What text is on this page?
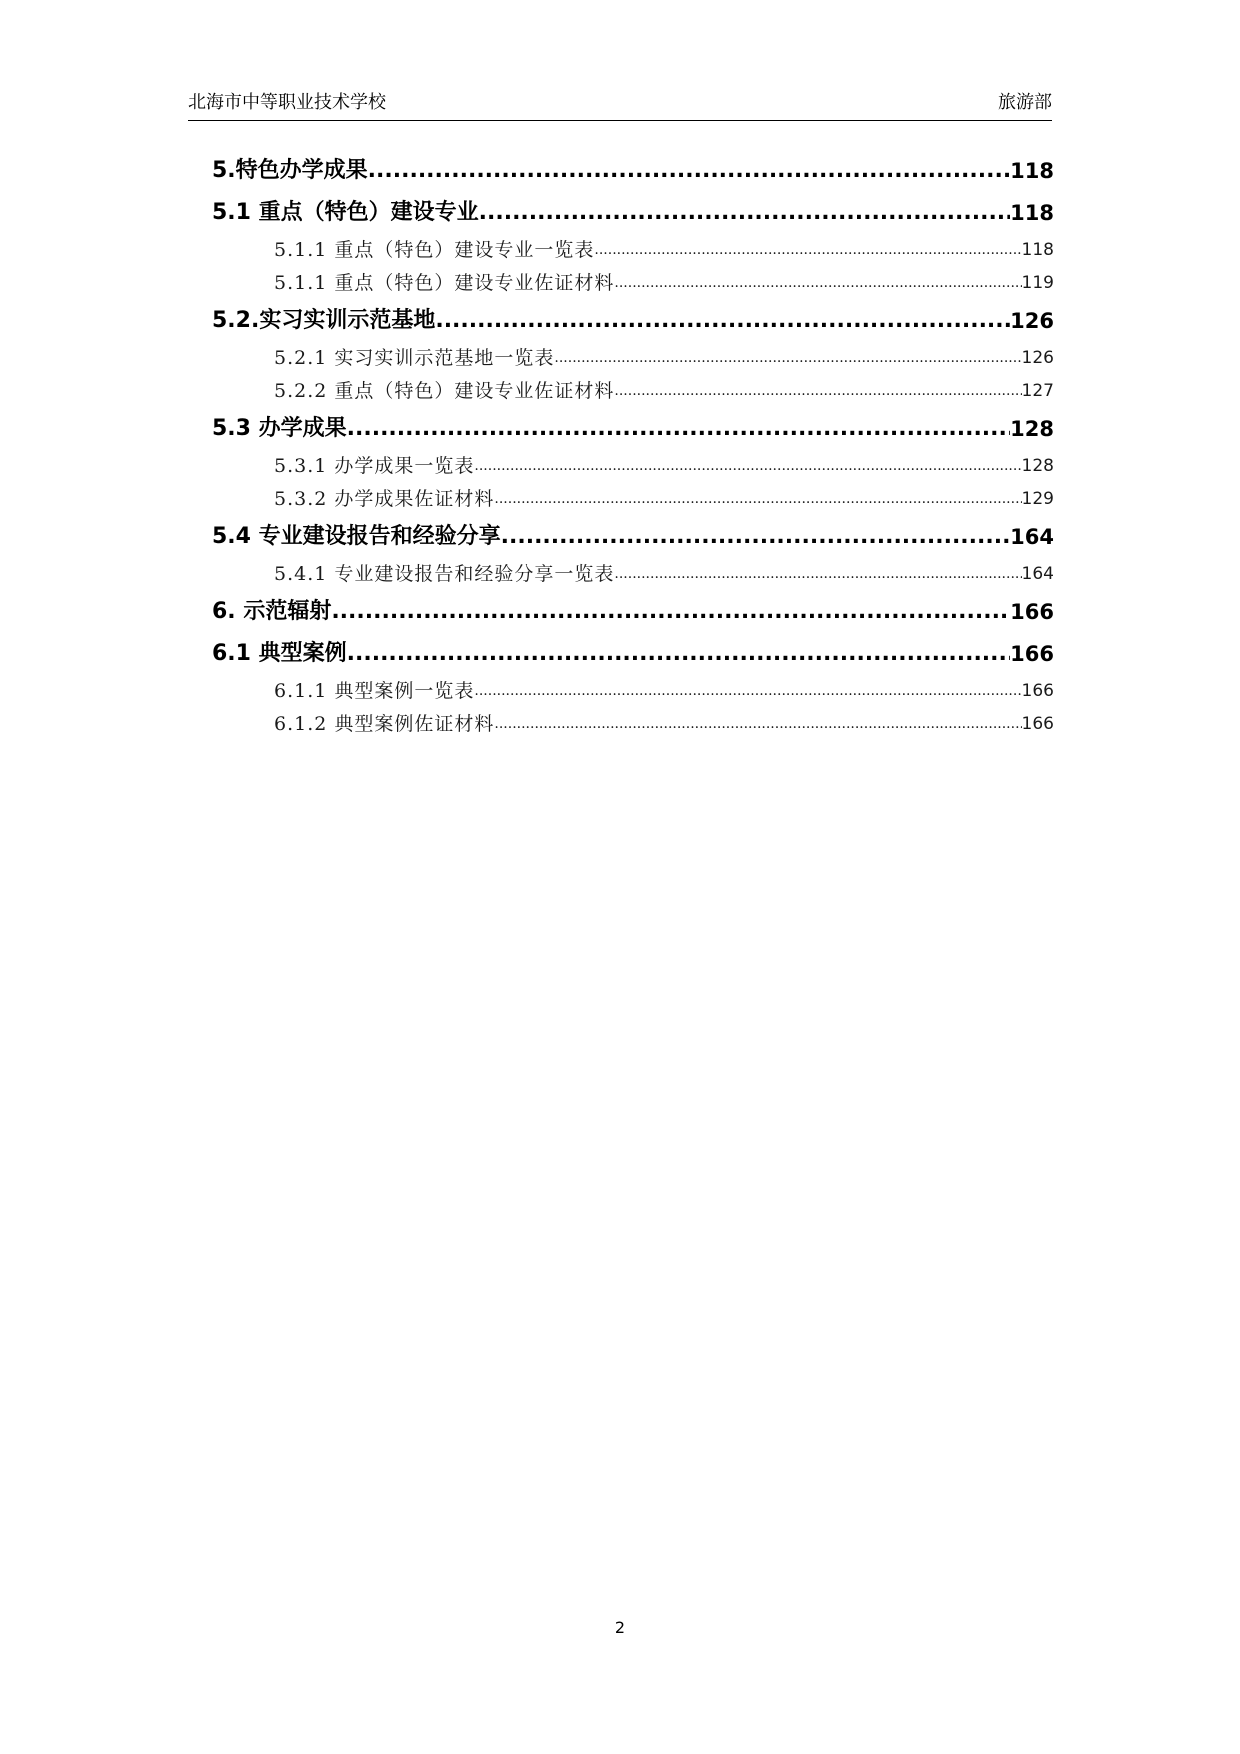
北海市中等职业技术学校	旅游部
5.特色办学成果 .....	118
5.1 重点（特色）建设专业 .....	118
5.1.1 重点（特色）建设专业一览表 .....	118
5.1.1 重点（特色）建设专业佐证材料 .....	119
5.2.实习实训示范基地 .....	126
5.2.1 实习实训示范基地一览表 .....	126
5.2.2 重点（特色）建设专业佐证材料 .....	127
5.3 办学成果 .....	128
5.3.1 办学成果一览表 .....	128
5.3.2 办学成果佐证材料 .....	129
5.4 专业建设报告和经验分享 .....	164
5.4.1 专业建设报告和经验分享一览表 .....	164
6. 示范辐射 .....	166
6.1 典型案例 .....	166
6.1.1 典型案例一览表 .....	166
6.1.2 典型案例佐证材料 .....	166
2
